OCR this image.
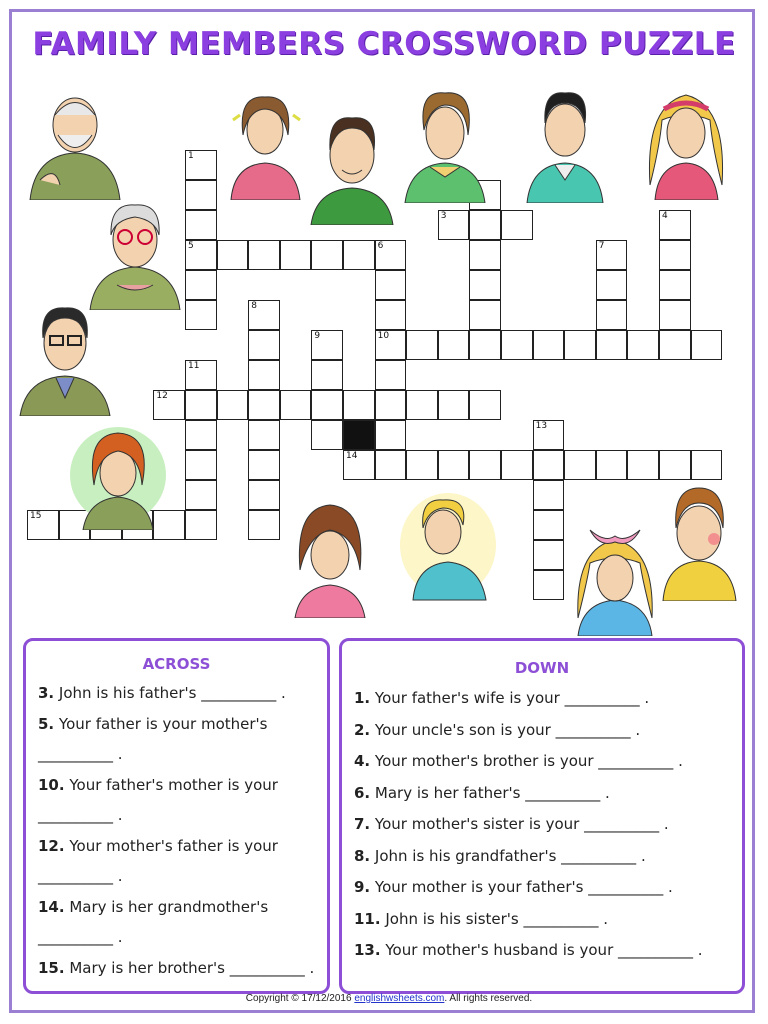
FAMILY MEMBERS CROSSWORD PUZZLE
3
5	6
10
12
14
15
1
4
7
8
9
11
13
ACROSS
3. John is his father's __________ .
5. Your father is your mother's
__________ .
10. Your father's mother is your
__________ .
12. Your mother's father is your
__________ .
14. Mary is her grandmother's
__________ .
15. Mary is her brother's __________ .
DOWN
1. Your father's wife is your __________ .
2. Your uncle's son is your __________ .
4. Your mother's brother is your __________ .
6. Mary is her father's __________ .
7. Your mother's sister is your __________ .
8. John is his grandfather's __________ .
9. Your mother is your father's __________ .
11. John is his sister's __________ .
13. Your mother's husband is your __________ .
Copyright © 17/12/2016 englishwsheets.com. All rights reserved.
